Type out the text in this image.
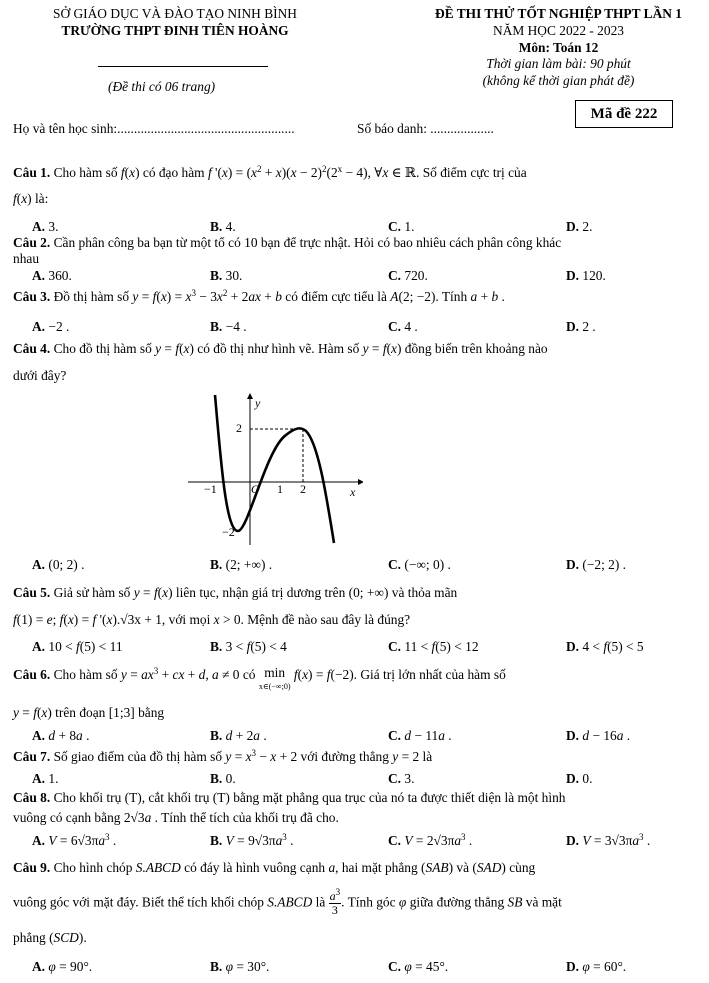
SỞ GIÁO DỤC VÀ ĐÀO TẠO NINH BÌNH
TRƯỜNG THPT ĐINH TIÊN HOÀNG
(Đề thi có 06 trang)
ĐỀ THI THỬ TỐT NGHIỆP THPT LẦN 1
NĂM HỌC 2022 - 2023
Môn: Toán 12
Thời gian làm bài: 90 phút
(không kể thời gian phát đề)
Mã đề 222
Họ và tên học sinh:.....................................................	Số báo danh: ...................
Câu 1. Cho hàm số f(x) có đạo hàm f '$(x) = (x^2 + x)(x - 2)^2(2^x - 4)$, ∀x ∈ ℝ. Số điểm cực trị của
f(x) là:
A. 3.	B. 4.	C. 1.	D. 2.
Câu 2. Cần phân công ba bạn từ một tổ có 10 bạn để trực nhật. Hỏi có bao nhiêu cách phân công khác
nhau
A. 360.	B. 30.	C. 720.	D. 120.
Câu 3. Đồ thị hàm số $y = f(x) = x^3 - 3x^2 + 2ax + b$ có điểm cực tiểu là A(2; −2). Tính a + b .
A. −2 .	B. −4 .	C. 4 .	D. 2 .
Câu 4. Cho đồ thị hàm số y = f(x) có đồ thị như hình vẽ. Hàm số y = f(x) đồng biến trên khoảng nào
dưới đây?
y
x
2
−2
−1	O 1 2
A. (0; 2) .	B. (2; +∞) .	C. (−∞; 0) .	D. (−2; 2) .
Câu 5. Giả sử hàm số y = f(x) liên tục, nhận giá trị dương trên (0; +∞) và thỏa mãn
f(1) = e; f(x) = f '(x).√3x + 1, với mọi x > 0. Mệnh đề nào sau đây là đúng?
A. 10 < f(5) < 11	B. 3 < f(5) < 4	C. 11 < f(5) < 12	D. 4 < f(5) < 5
Câu 6. Cho hàm số $y = ax^3$ + cx + d, a ≠ 0 có min
x∈(−∞;0) f(x) = f(−2). Giá trị lớn nhất của hàm số
y = f(x) trên đoạn [1;3] bằng
A. d + 8a .	B. d + 2a .	C. d − 11a .	D. d − 16a .
Câu 7. Số giao điểm của đồ thị hàm số $y = x^3 - x + 2$ với đường thẳng y = 2 là
A. 1.	B. 0.	C. 3.	D. 0.
Câu 8. Cho khối trụ (T), cắt khối trụ (T) bằng mặt phẳng qua trục của nó ta được thiết diện là một hình
vuông có cạnh bằng 2√3a . Tính thể tích của khối trụ đã cho.
A. $V = 6√3\pi a^3$ .	B. $V = 9√3\pi a^3$ .	C. $V = 2√3\pi a^3$ .	D. $V = 3√3\pi a^3$ .
Câu 9. Cho hình chóp S.ABCD có đáy là hình vuông cạnh a, hai mặt phẳng (SAB) và (SAD) cùng
vuông góc với mặt đáy. Biết thể tích khối chóp S.ABCD là $\frac{a^3}{3}$ . Tính góc φ giữa đường thẳng SB và mặt
phẳng (SCD).
A. φ = 90°.	B. φ = 30°.	C. φ = 45°.	D. φ = 60°.
